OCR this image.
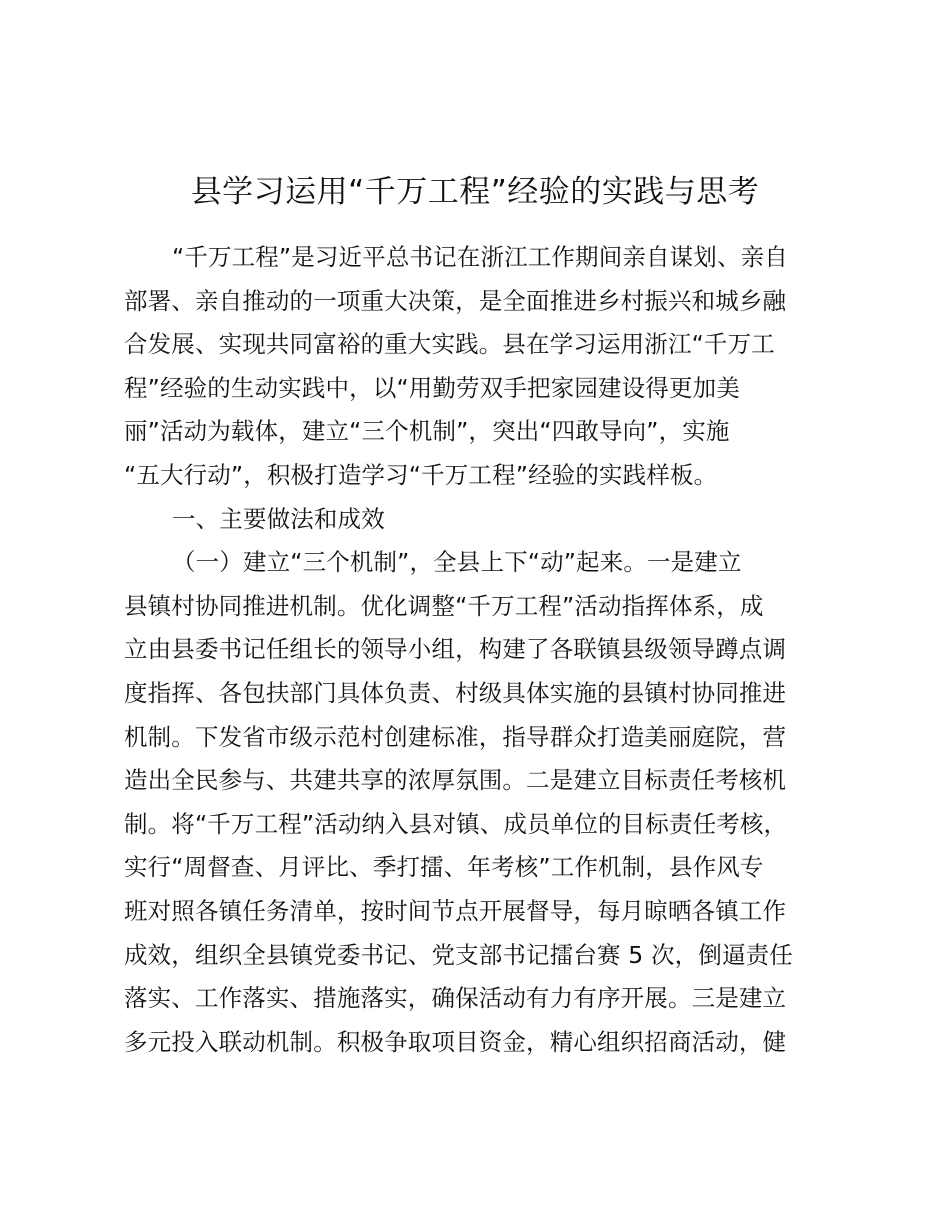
县学习运用“千万工程”经验的实践与思考
“千万工程”是习近平总书记在浙江工作期间亲自谋划、亲自
部署、亲自推动的一项重大决策，是全面推进乡村振兴和城乡融
合发展、实现共同富裕的重大实践。县在学习运用浙江“千万工
程”经验的生动实践中，以“用勤劳双手把家园建设得更加美
丽”活动为载体，建立“三个机制”，突出“四敢导向”，实施
“五大行动”，积极打造学习“千万工程”经验的实践样板。
一、主要做法和成效
（一）建立“三个机制”，全县上下“动”起来。一是建立
县镇村协同推进机制。优化调整“千万工程”活动指挥体系，成
立由县委书记任组长的领导小组，构建了各联镇县级领导蹲点调
度指挥、各包扶部门具体负责、村级具体实施的县镇村协同推进
机制。下发省市级示范村创建标准，指导群众打造美丽庭院，营
造出全民参与、共建共享的浓厚氛围。二是建立目标责任考核机
制。将“千万工程”活动纳入县对镇、成员单位的目标责任考核，
实行“周督查、月评比、季打擂、年考核”工作机制，县作风专
班对照各镇任务清单，按时间节点开展督导，每月晾晒各镇工作
成效，组织全县镇党委书记、党支部书记擂台赛 5 次，倒逼责任
落实、工作落实、措施落实，确保活动有力有序开展。三是建立
多元投入联动机制。积极争取项目资金，精心组织招商活动，健
